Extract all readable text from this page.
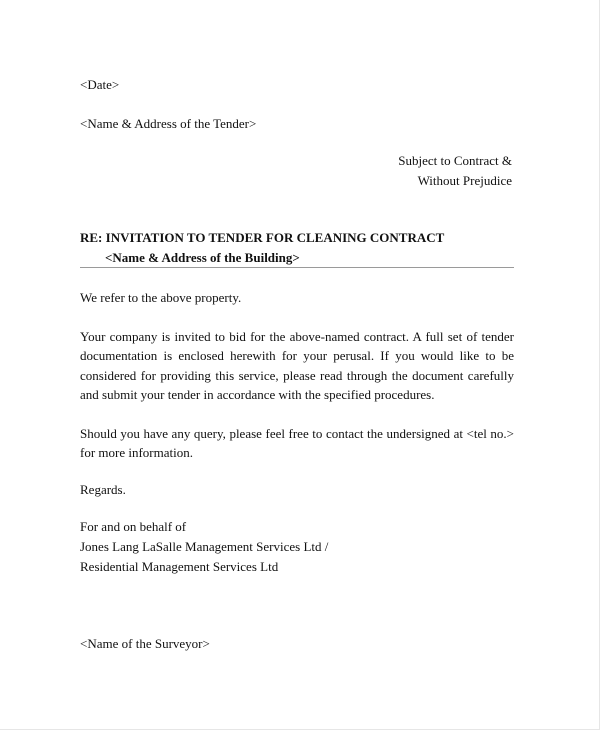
<Date>
<Name & Address of the Tender>
Subject to Contract &
Without Prejudice
RE: INVITATION TO TENDER FOR CLEANING CONTRACT
<Name & Address of the Building>
We refer to the above property.

Your company is invited to bid for the above-named contract. A full set of tender

documentation is enclosed herewith for your perusal. If you would like to be

considered for providing this service, please read through the document carefully

and submit your tender in accordance with the specified procedures.

Should you have any query, please feel free to contact the undersigned at <tel no.>

for more information.

Regards.
For and on behalf of
Jones Lang LaSalle Management Services Ltd /
Residential Management Services Ltd
<Name of the Surveyor>
